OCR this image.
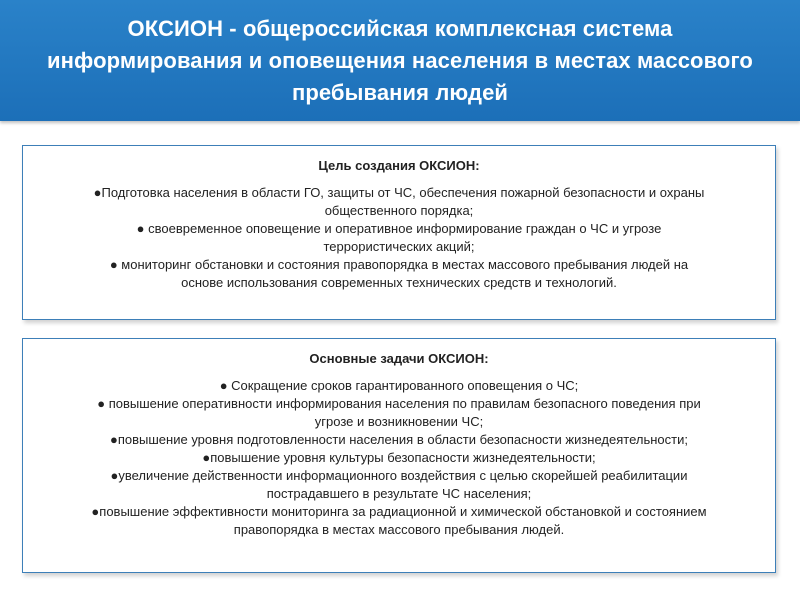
ОКСИОН - общероссийская комплексная система
информирования и оповещения населения в местах массового
пребывания людей
Цель создания ОКСИОН:
●Подготовка населения в области ГО, защиты от ЧС, обеспечения пожарной безопасности и охраны
общественного порядка;
● своевременное оповещение и оперативное информирование граждан о ЧС и угрозе
террористических акций;
● мониторинг обстановки и состояния правопорядка в местах массового пребывания людей на
основе использования современных технических средств и технологий.
Основные задачи ОКСИОН:
● Сокращение сроков гарантированного оповещения о ЧС;
● повышение оперативности информирования населения по правилам безопасного поведения при
угрозе и возникновении ЧС;
●повышение уровня подготовленности населения в области безопасности жизнедеятельности;
●повышение уровня культуры безопасности жизнедеятельности;
●увеличение действенности информационного воздействия с целью скорейшей реабилитации
пострадавшего в результате ЧС населения;
●повышение эффективности мониторинга за радиационной и химической обстановкой и состоянием
правопорядка в местах массового пребывания людей.
